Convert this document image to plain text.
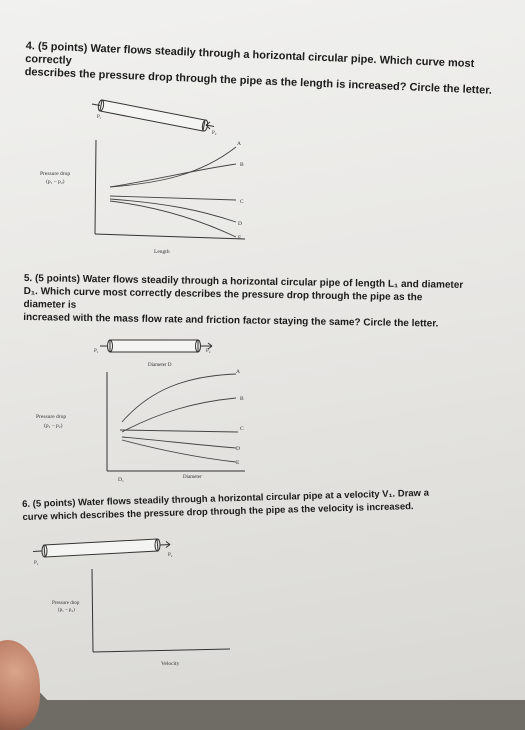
4. (5 points) Water flows steadily through a horizontal circular pipe. Which curve most correctly
describes the pressure drop through the pipe as the length is increased? Circle the letter.

P₁
P₂
A
B
C
D
E
Pressure drop
(p₁ – p₂)
Length

5. (5 points) Water flows steadily through a horizontal circular pipe of length L₁ and diameter
D₁. Which curve most correctly describes the pressure drop through the pipe as the diameter is
increased with the mass flow rate and friction factor staying the same? Circle the letter.

P₁	P₂
Diameter D
A
B
C
D
E
Pressure drop
(p₁ – p₂)
Diameter
D₁

6. (5 points) Water flows steadily through a horizontal circular pipe at a velocity V₁. Draw a
curve which describes the pressure drop through the pipe as the velocity is increased.

P₁
P₂
Pressure drop
(p₁ – p₂)
Velocity
